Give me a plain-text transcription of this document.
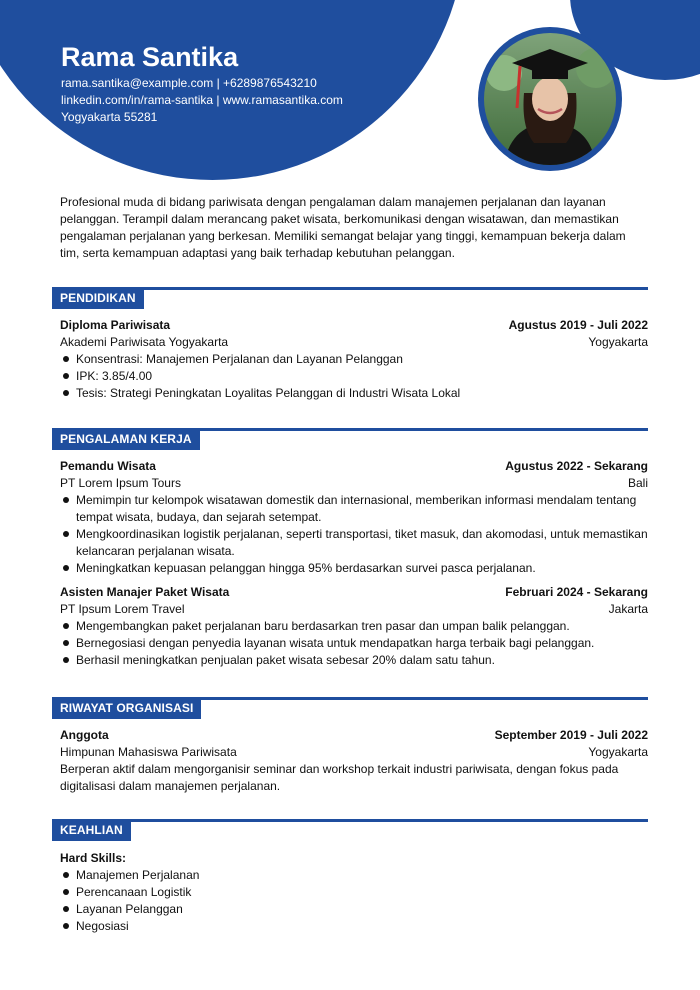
Rama Santika
rama.santika@example.com | +6289876543210
linkedin.com/in/rama-santika | www.ramasantika.com
Yogyakarta 55281
Profesional muda di bidang pariwisata dengan pengalaman dalam manajemen perjalanan dan layanan pelanggan. Terampil dalam merancang paket wisata, berkomunikasi dengan wisatawan, dan memastikan pengalaman perjalanan yang berkesan. Memiliki semangat belajar yang tinggi, kemampuan bekerja dalam tim, serta kemampuan adaptasi yang baik terhadap kebutuhan pelanggan.
PENDIDIKAN
Diploma Pariwisata	Agustus 2019 - Juli 2022
Akademi Pariwisata Yogyakarta	Yogyakarta
Konsentrasi: Manajemen Perjalanan dan Layanan Pelanggan
IPK: 3.85/4.00
Tesis: Strategi Peningkatan Loyalitas Pelanggan di Industri Wisata Lokal
PENGALAMAN KERJA
Pemandu Wisata	Agustus 2022 - Sekarang
PT Lorem Ipsum Tours	Bali
Memimpin tur kelompok wisatawan domestik dan internasional, memberikan informasi mendalam tentang tempat wisata, budaya, dan sejarah setempat.
Mengkoordinasikan logistik perjalanan, seperti transportasi, tiket masuk, dan akomodasi, untuk memastikan kelancaran perjalanan wisata.
Meningkatkan kepuasan pelanggan hingga 95% berdasarkan survei pasca perjalanan.
Asisten Manajer Paket Wisata	Februari 2024 - Sekarang
PT Ipsum Lorem Travel	Jakarta
Mengembangkan paket perjalanan baru berdasarkan tren pasar dan umpan balik pelanggan.
Bernegosiasi dengan penyedia layanan wisata untuk mendapatkan harga terbaik bagi pelanggan.
Berhasil meningkatkan penjualan paket wisata sebesar 20% dalam satu tahun.
RIWAYAT ORGANISASI
Anggota	September 2019 - Juli 2022
Himpunan Mahasiswa Pariwisata	Yogyakarta
Berperan aktif dalam mengorganisir seminar dan workshop terkait industri pariwisata, dengan fokus pada digitalisasi dalam manajemen perjalanan.
KEAHLIAN
Hard Skills:
Manajemen Perjalanan
Perencanaan Logistik
Layanan Pelanggan
Negosiasi
